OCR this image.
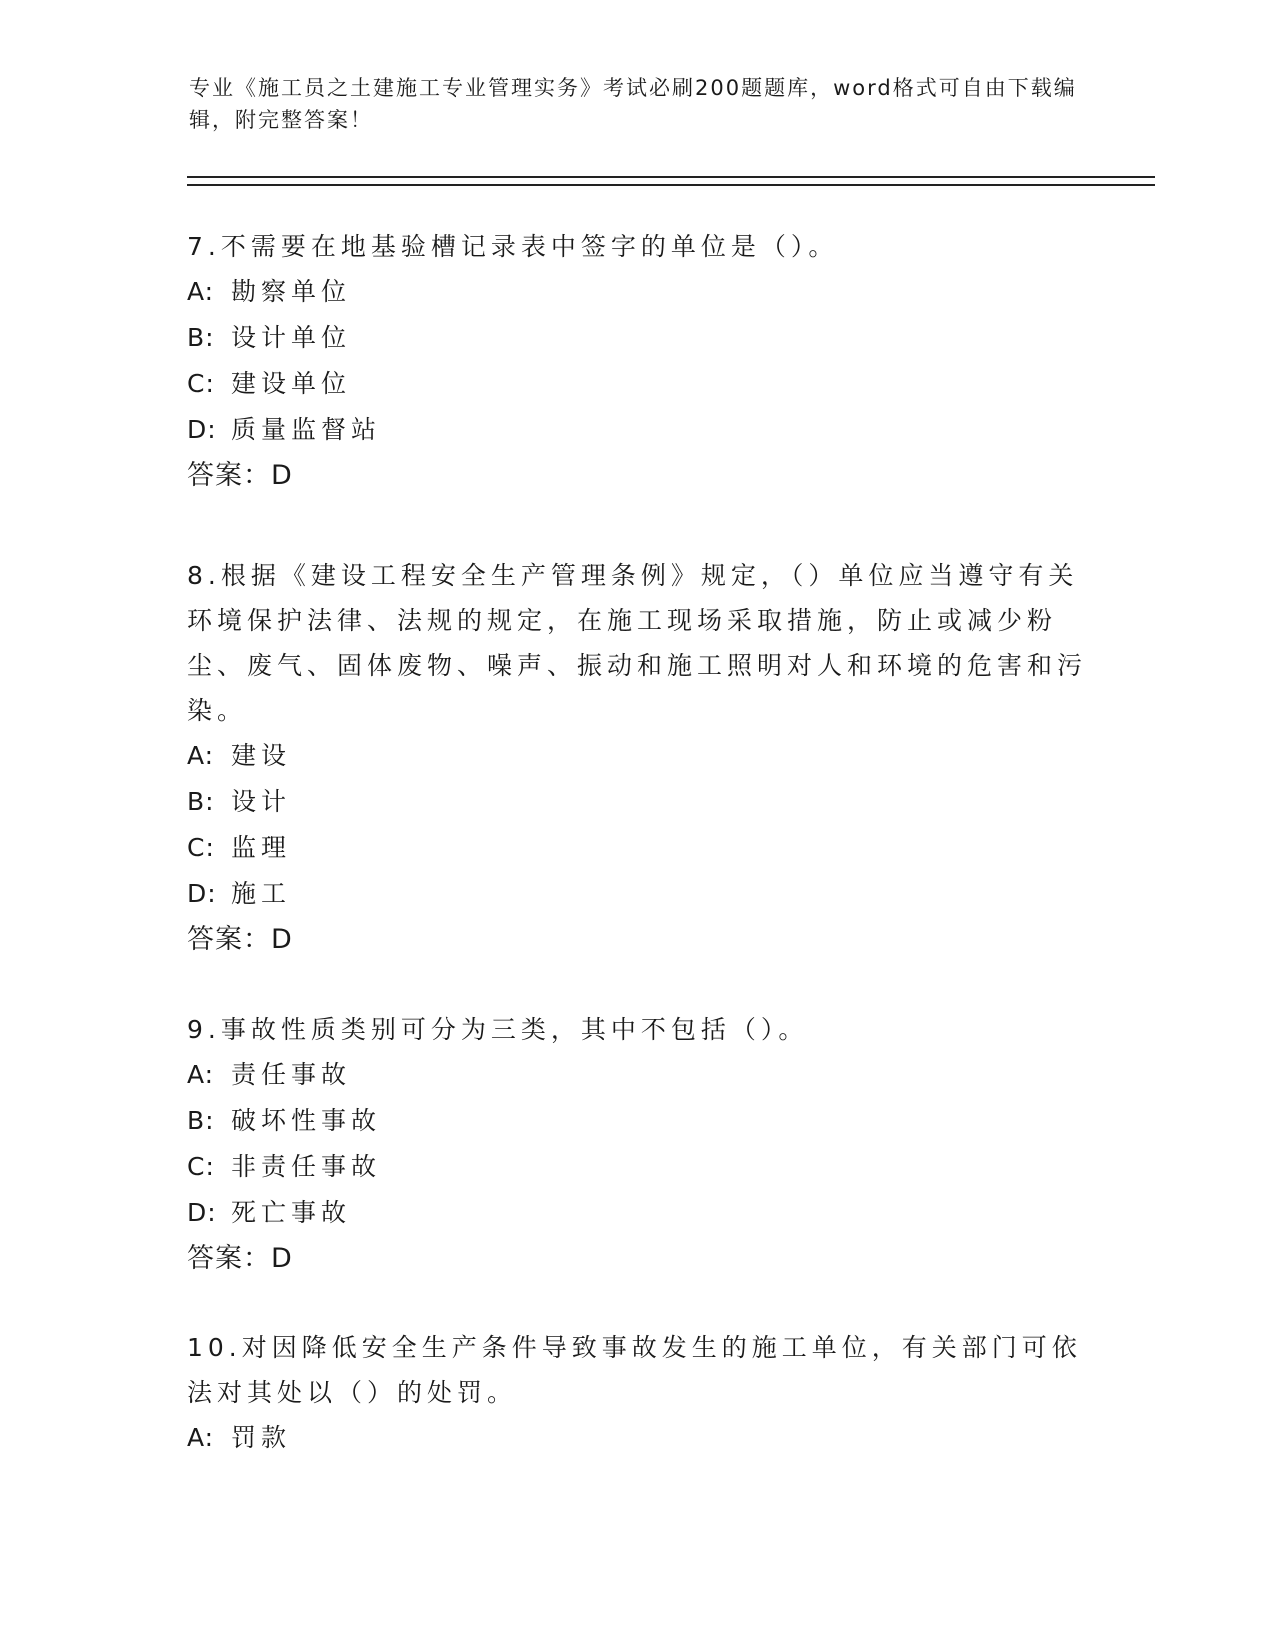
专业《施工员之土建施工专业管理实务》考试必刷200题题库，word格式可自由下载编辑，附完整答案！

7.不需要在地基验槽记录表中签字的单位是（）。

A: 勘察单位

B: 设计单位

C: 建设单位

D: 质量监督站

答案：D

8.根据《建设工程安全生产管理条例》规定，（）单位应当遵守有关环境保护法律、法规的规定，在施工现场采取措施，防止或减少粉尘、废气、固体废物、噪声、振动和施工照明对人和环境的危害和污染。

A: 建设

B: 设计

C: 监理

D: 施工

答案：D

9.事故性质类别可分为三类，其中不包括（）。

A: 责任事故

B: 破坏性事故

C: 非责任事故

D: 死亡事故

答案：D

10.对因降低安全生产条件导致事故发生的施工单位，有关部门可依法对其处以（）的处罚。

A: 罚款
